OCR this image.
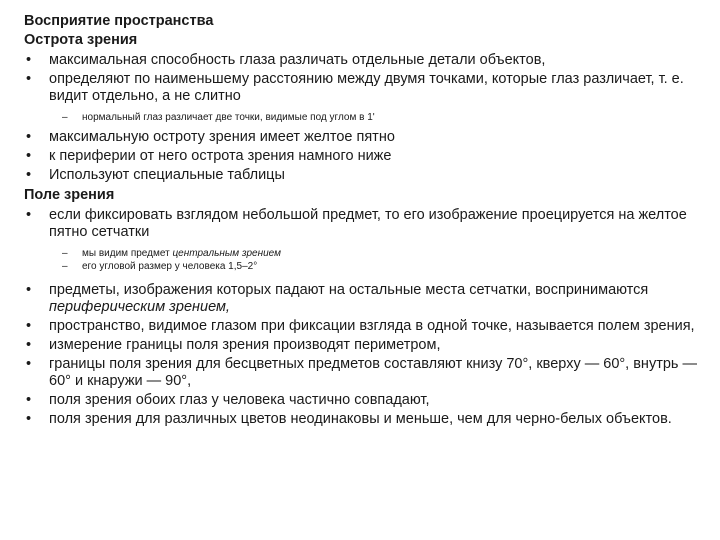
Восприятие пространства

Острота зрения

• максимальная способность глаза различать отдельные детали объектов,
• определяют по наименьшему расстоянию между двумя точками, которые глаз различает, т. е. видит отдельно, а не слитно
– нормальный глаз различает две точки, видимые под углом в 1'
• максимальную остроту зрения имеет желтое пятно
• к периферии от него острота зрения намного ниже
• Используют специальные таблицы

Поле зрения

• если фиксировать взглядом небольшой предмет, то его изображение проецируется на желтое пятно сетчатки
– мы видим предмет центральным зрением
– его угловой размер у человека 1,5–2°
• предметы, изображения которых падают на остальные места сетчатки, воспринимаются периферическим зрением,
• пространство, видимое глазом при фиксации взгляда в одной точке, называется полем зрения,
• измерение границы поля зрения производят периметром,
• границы поля зрения для бесцветных предметов составляют книзу 70°, кверху — 60°, внутрь — 60° и кнаружи — 90°,
• поля зрения обоих глаз у человека частично совпадают,
• поля зрения для различных цветов неодинаковы и меньше, чем для черно-белых объектов.
